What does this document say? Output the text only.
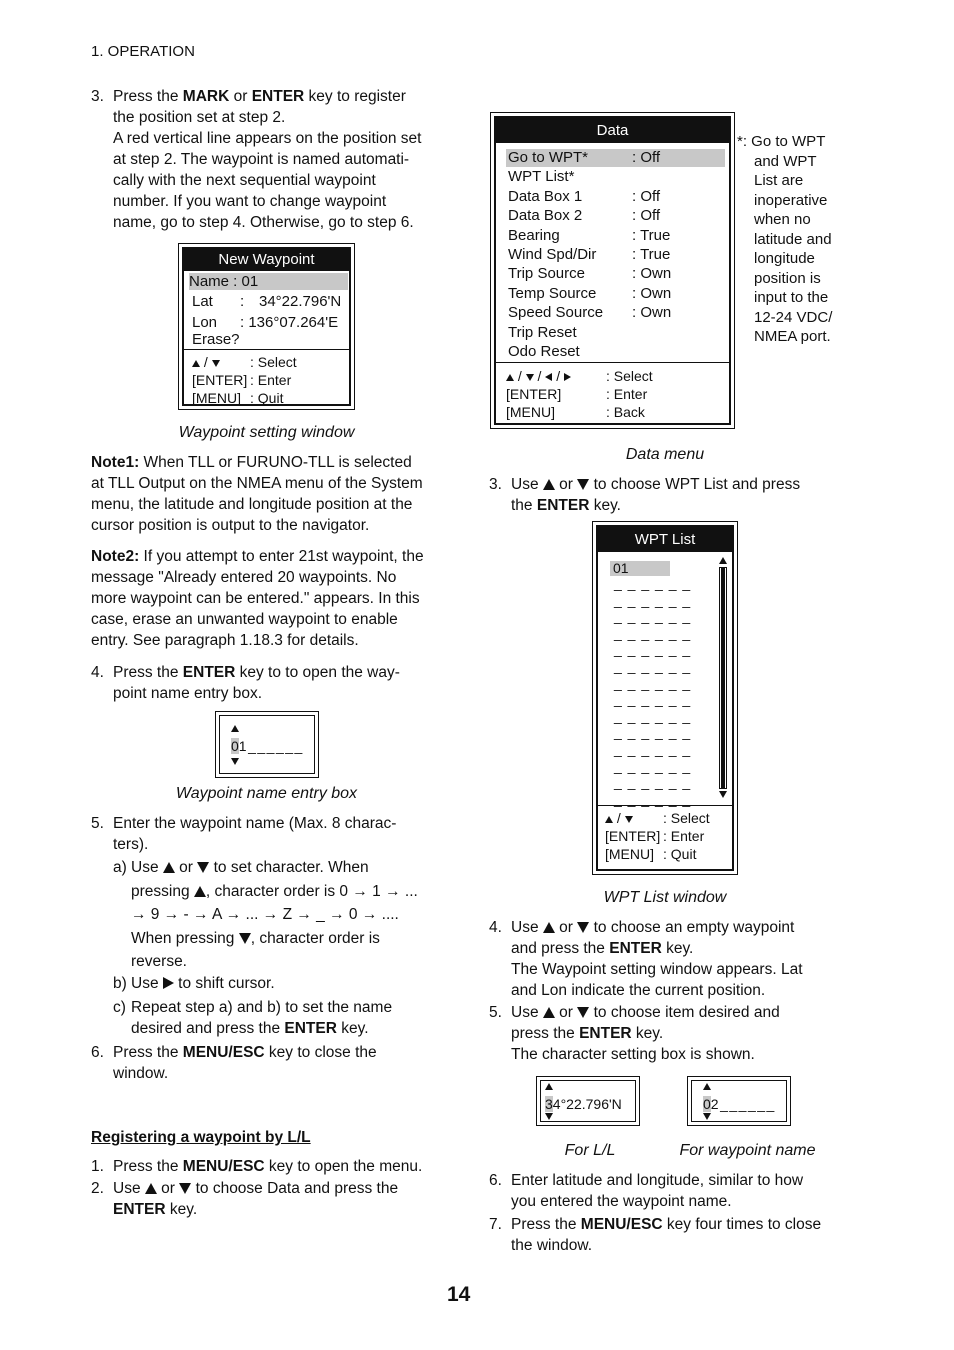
1. OPERATION
3. Press the MARK or ENTER key to register
the position set at step 2.
A red vertical line appears on the position set
at step 2. The waypoint is named automati-
cally with the next sequential waypoint
number. If you want to change waypoint
name, go to step 4. Otherwise, go to step 6.
New Waypoint
Name : 01
Lat : 34°22.796'N
Lon : 136°07.264'E
Erase?
/	: Select
[ENTER] : Enter
[MENU] : Quit
Waypoint setting window
Note1: When TLL or FURUNO-TLL is selected
at TLL Output on the NMEA menu of the System
menu, the latitude and longitude position at the
cursor position is output to the navigator.
Note2: If you attempt to enter 21st waypoint, the
message "Already entered 20 waypoints. No
more waypoint can be entered." appears. In this
case, erase an unwanted waypoint to enable
entry. See paragraph 1.18.3 for details.
4. Press the ENTER key to to open the way-
point name entry box.
01______
Waypoint name entry box
5. Enter the waypoint name (Max. 8 charac-
ters).
a) Use  or  to set character. When
pressing , character order is 0 → 1 → ...
→ 9 → - → A → ... → Z → _ → 0 → ....
When pressing , character order is
reverse.
b) Use  to shift cursor.
c) Repeat step a) and b) to set the name
desired and press the ENTER key.
6. Press the MENU/ESC key to close the
window.
Registering a waypoint by L/L
1. Press the MENU/ESC key to open the menu.
2. Use  or  to choose Data and press the
ENTER key.
Data
Go to WPT*	: Off
WPT List*
Data Box 1	: Off
Data Box 2	: Off
Bearing	: True
Wind Spd/Dir : True
Trip Source	: Own
Temp Source : Own
Speed Source : Own
Trip Reset
Odo Reset
/  /  /	: Select
[ENTER]	: Enter
[MENU]	: Back
Data menu
*: Go to WPT
and WPT
List are
inoperative
when no
latitude and
longitude
position is
input to the
12-24 VDC/
NMEA port.
3. Use  or  to choose WPT List and press
the ENTER key.
WPT List
01
_ _ _ _ _ _
_ _ _ _ _ _
_ _ _ _ _ _
_ _ _ _ _ _
_ _ _ _ _ _
_ _ _ _ _ _
_ _ _ _ _ _
_ _ _ _ _ _
_ _ _ _ _ _
_ _ _ _ _ _
_ _ _ _ _ _
_ _ _ _ _ _
_ _ _ _ _ _
_ _ _ _ _ _
/	: Select
[ENTER] : Enter
[MENU] : Quit
WPT List window
4. Use  or  to choose an empty waypoint
and press the ENTER key.
The Waypoint setting window appears. Lat
and Lon indicate the current position.
5. Use  or  to choose item desired and
press the ENTER key.
The character setting box is shown.
34°22.796'N	02______
For L/L	For waypoint name
6. Enter latitude and longitude, similar to how
you entered the waypoint name.
7. Press the MENU/ESC key four times to close
the window.
14
